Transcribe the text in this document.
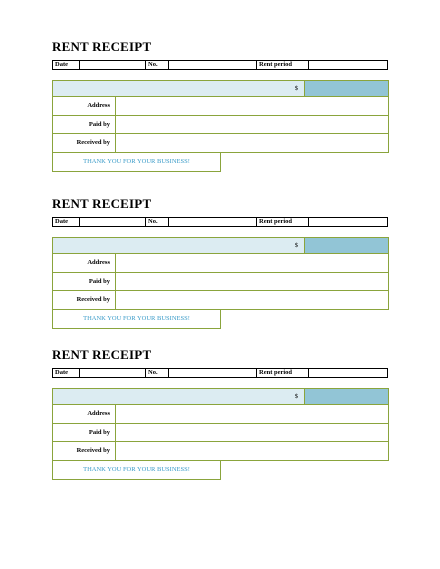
RENT RECEIPT
Date	No.	Rent period
$
Address
Paid by
Received by
THANK YOU FOR YOUR BUSINESS!
RENT RECEIPT
Date	No.	Rent period
$
Address
Paid by
Received by
THANK YOU FOR YOUR BUSINESS!
RENT RECEIPT
Date	No.	Rent period
$
Address
Paid by
Received by
THANK YOU FOR YOUR BUSINESS!
